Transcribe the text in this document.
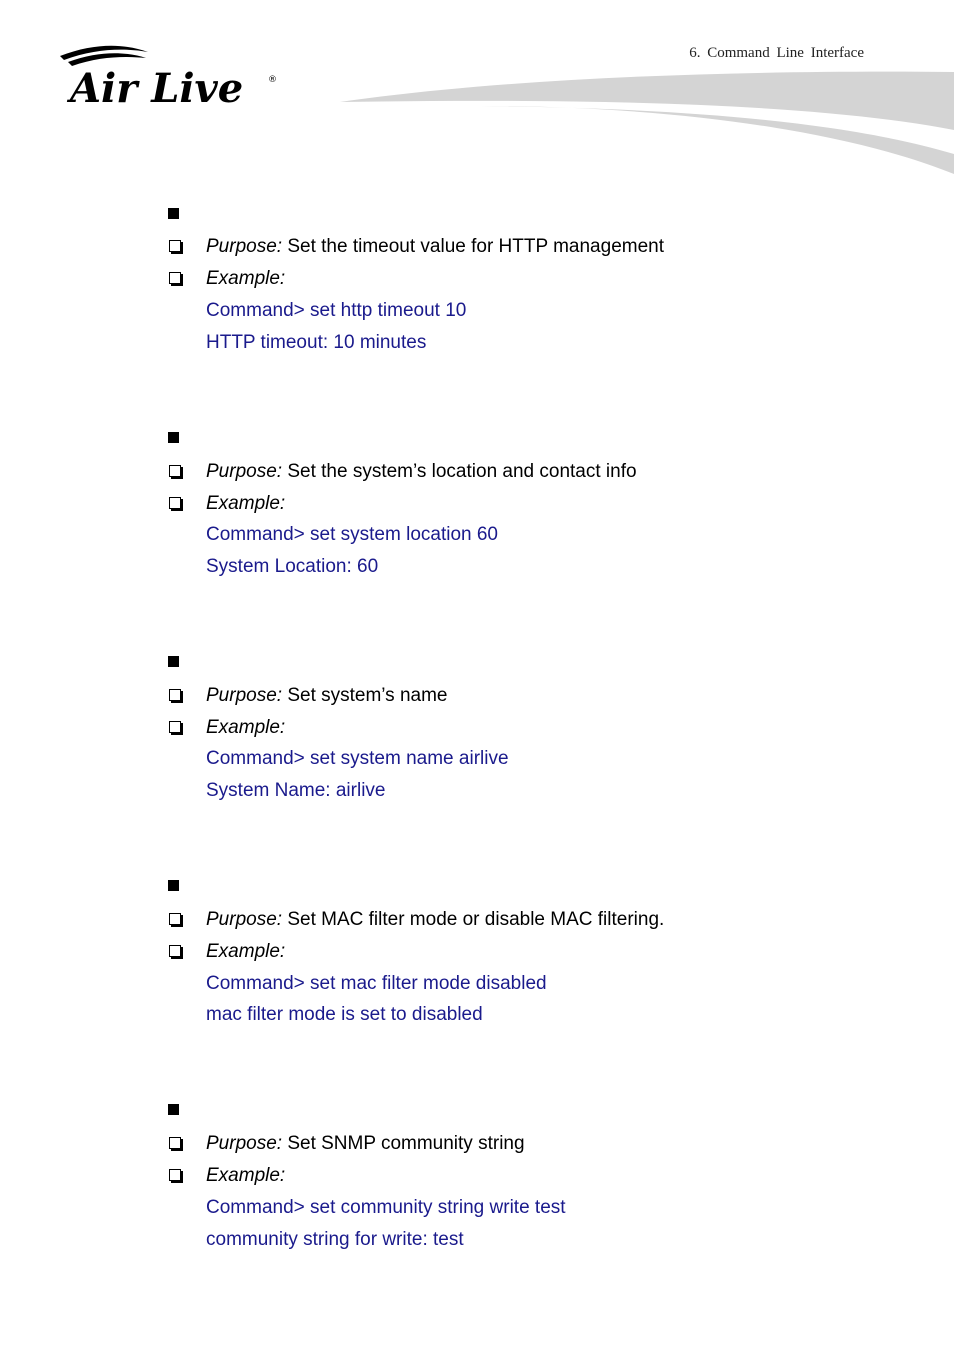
6. Command Line Interface
Air Live	®
Purpose: Set the timeout value for HTTP management
Example:
Command> set http timeout 10
HTTP timeout: 10 minutes
Purpose: Set the system’s location and contact info
Example:
Command> set system location 60
System Location: 60
Purpose: Set system’s name
Example:
Command> set system name airlive
System Name: airlive
Purpose: Set MAC filter mode or disable MAC filtering.
Example:
Command> set mac filter mode disabled
mac filter mode is set to disabled
Purpose: Set SNMP community string
Example:
Command> set community string write test
community string for write: test
